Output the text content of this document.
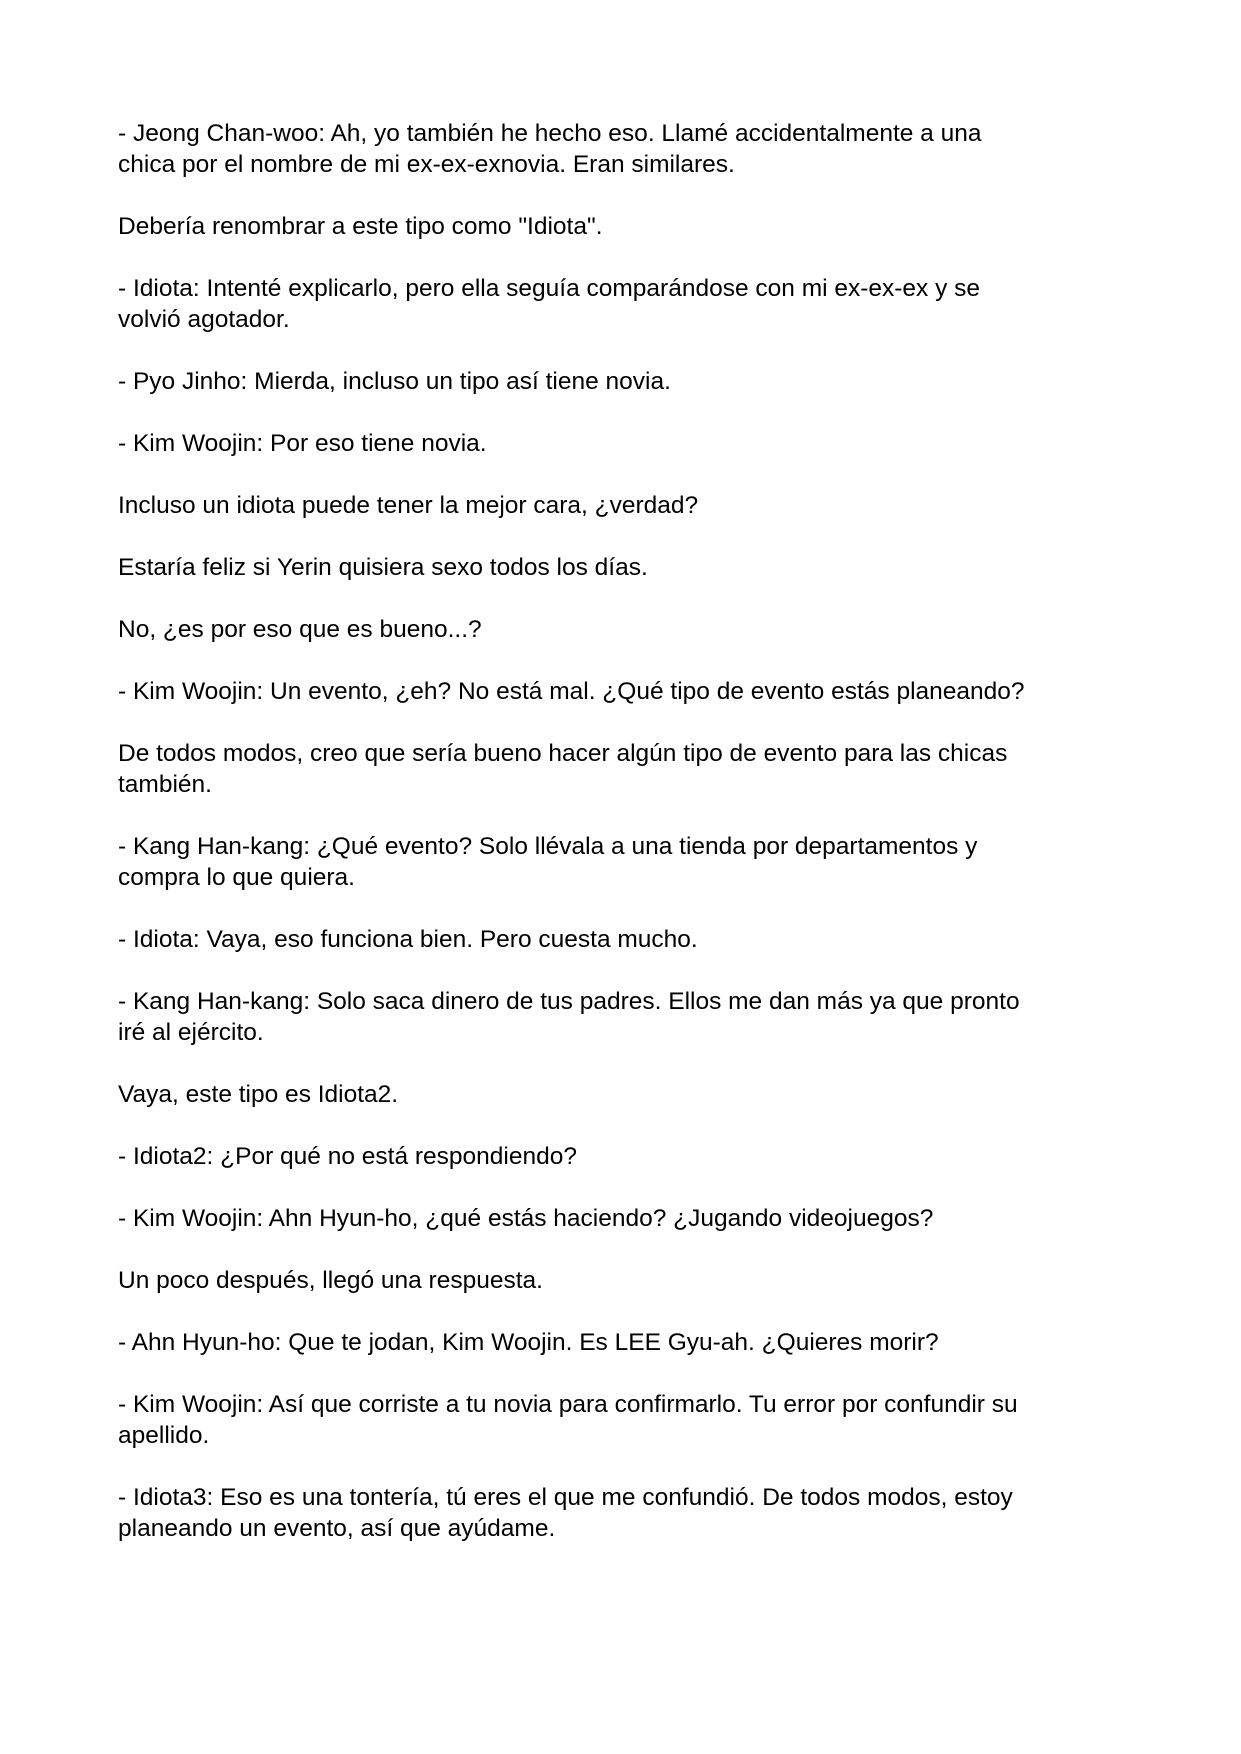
- Jeong Chan-woo: Ah, yo también he hecho eso. Llamé accidentalmente a una
chica por el nombre de mi ex-ex-exnovia. Eran similares.

Debería renombrar a este tipo como "Idiota".

- Idiota: Intenté explicarlo, pero ella seguía comparándose con mi ex-ex-ex y se
volvió agotador.

- Pyo Jinho: Mierda, incluso un tipo así tiene novia.

- Kim Woojin: Por eso tiene novia.

Incluso un idiota puede tener la mejor cara, ¿verdad?

Estaría feliz si Yerin quisiera sexo todos los días.

No, ¿es por eso que es bueno...?

- Kim Woojin: Un evento, ¿eh? No está mal. ¿Qué tipo de evento estás planeando?

De todos modos, creo que sería bueno hacer algún tipo de evento para las chicas
también.

- Kang Han-kang: ¿Qué evento? Solo llévala a una tienda por departamentos y
compra lo que quiera.

- Idiota: Vaya, eso funciona bien. Pero cuesta mucho.

- Kang Han-kang: Solo saca dinero de tus padres. Ellos me dan más ya que pronto
iré al ejército.

Vaya, este tipo es Idiota2.

- Idiota2: ¿Por qué no está respondiendo?

- Kim Woojin: Ahn Hyun-ho, ¿qué estás haciendo? ¿Jugando videojuegos?

Un poco después, llegó una respuesta.

- Ahn Hyun-ho: Que te jodan, Kim Woojin. Es LEE Gyu-ah. ¿Quieres morir?

- Kim Woojin: Así que corriste a tu novia para confirmarlo. Tu error por confundir su
apellido.

- Idiota3: Eso es una tontería, tú eres el que me confundió. De todos modos, estoy
planeando un evento, así que ayúdame.
